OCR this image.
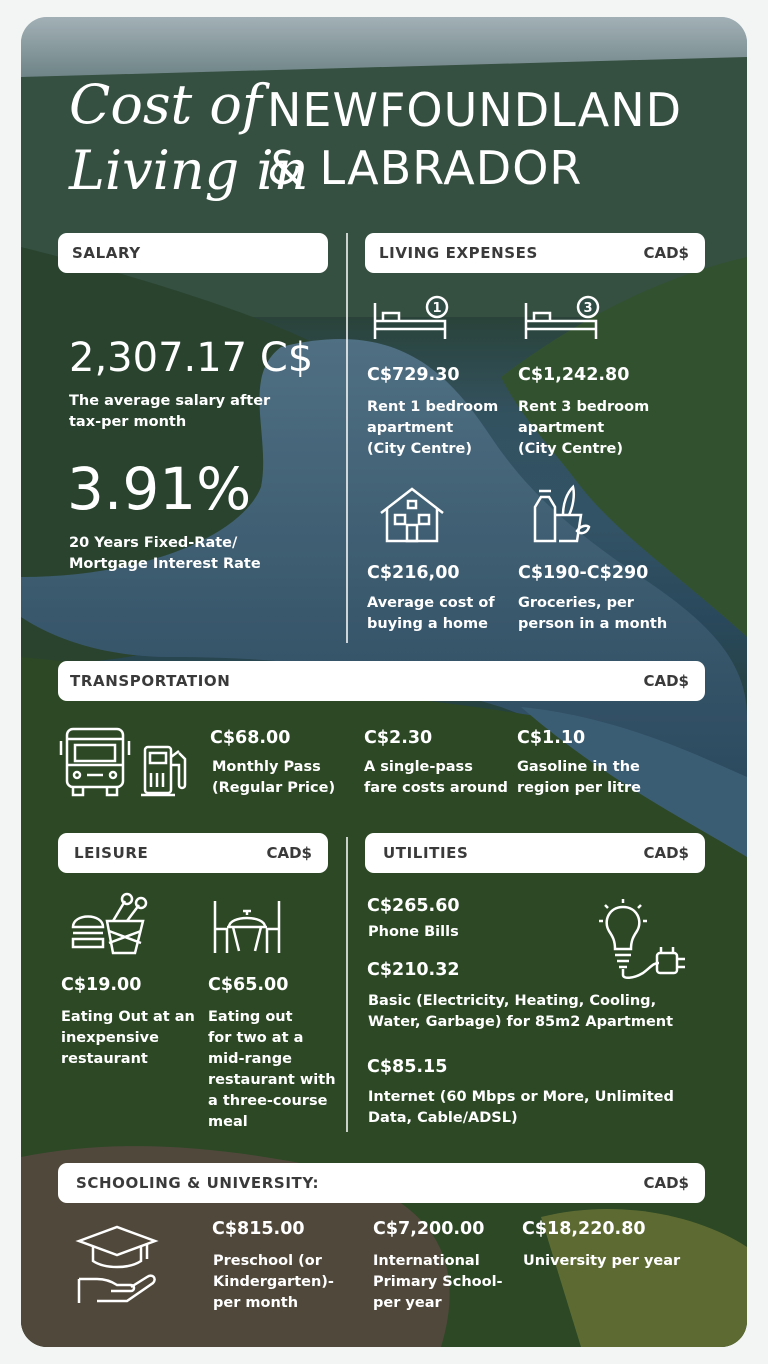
Cost of
Living in
NEWFOUNDLAND
& LABRADOR
SALARY
2,307.17 C$
The average salary after
tax-per month
3.91%
20 Years Fixed-Rate/
Mortgage Interest Rate
LIVING EXPENSES	CAD$
1	3
C$729.30
Rent 1 bedroom
apartment
(City Centre)
C$1,242.80
Rent 3 bedroom
apartment
(City Centre)
C$216,00
Average cost of
buying a home
C$190-C$290
Groceries, per
person in a month
TRANSPORTATION	CAD$
C$68.00
Monthly Pass
(Regular Price)
C$2.30
A single-pass
fare costs around
C$1.10
Gasoline in the
region per litre
LEISURE	CAD$
C$19.00
Eating Out at an
inexpensive
restaurant
C$65.00
Eating out
for two at a
mid-range
restaurant with
a three-course
meal
UTILITIES	CAD$
C$265.60
Phone Bills
C$210.32
Basic (Electricity, Heating, Cooling,
Water, Garbage) for 85m2 Apartment
C$85.15
Internet (60 Mbps or More, Unlimited
Data, Cable/ADSL)
SCHOOLING & UNIVERSITY:	CAD$
C$815.00
Preschool (or
Kindergarten)-
per month
C$7,200.00
International
Primary School-
per year
C$18,220.80
University per year
